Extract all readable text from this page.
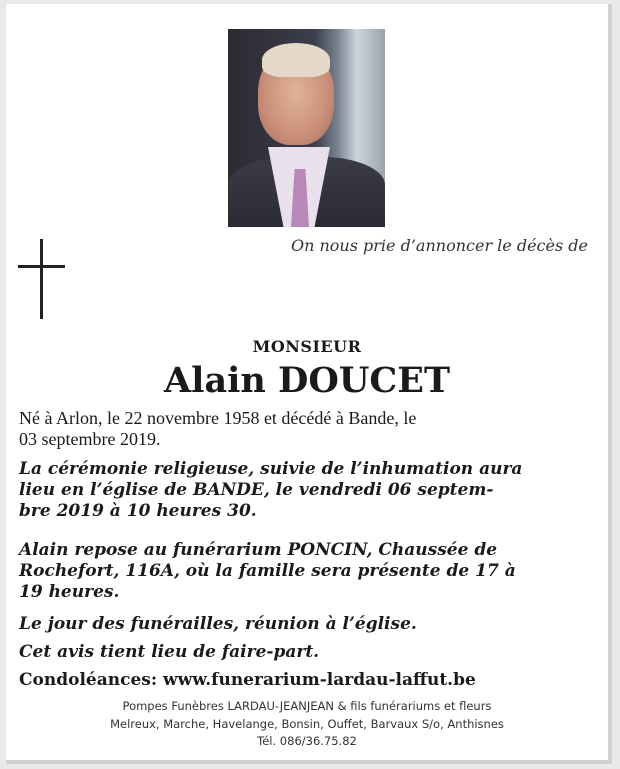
On nous prie d’annoncer le décès de
MONSIEUR
Alain DOUCET
Né à Arlon, le 22 novembre 1958 et décédé à Bande, le
03 septembre 2019.
La cérémonie religieuse, suivie de l’inhumation aura
lieu en l’église de BANDE, le vendredi 06 septem-
bre 2019 à 10 heures 30.
Alain repose au funérarium PONCIN, Chaussée de
Rochefort, 116A, où la famille sera présente de 17 à
19 heures.
Le jour des funérailles, réunion à l’église.
Cet avis tient lieu de faire-part.
Condoléances: www.funerarium-lardau-laffut.be
Pompes Funèbres LARDAU-JEANJEAN & fils funérariums et fleurs
Melreux, Marche, Havelange, Bonsin, Ouffet, Barvaux S/o, Anthisnes
Tél. 086/36.75.82
